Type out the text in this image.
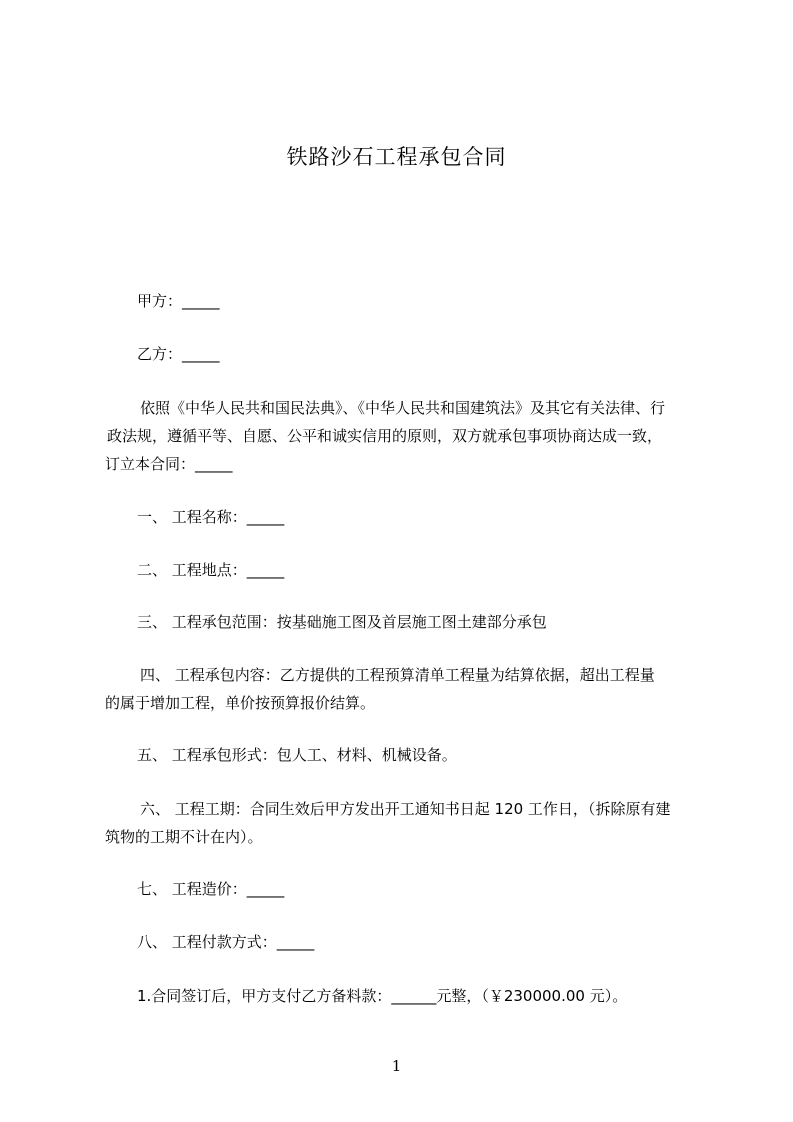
铁路沙石工程承包合同
甲方：_____
乙方：_____
依照《中华人民共和国民法典》、《中华人民共和国建筑法》及其它有关法律、行
政法规，遵循平等、自愿、公平和诚实信用的原则，双方就承包事项协商达成一致，
订立本合同：_____
一、 工程名称：_____
二、 工程地点：_____
三、 工程承包范围：按基础施工图及首层施工图土建部分承包
四、 工程承包内容：乙方提供的工程预算清单工程量为结算依据，超出工程量
的属于增加工程，单价按预算报价结算。
五、 工程承包形式：包人工、材料、机械设备。
六、 工程工期：合同生效后甲方发出开工通知书日起 120 工作日，（拆除原有建
筑物的工期不计在内）。
七、 工程造价：_____
八、 工程付款方式：_____
1.合同签订后，甲方支付乙方备料款：______元整，（￥230000.00 元）。
1
